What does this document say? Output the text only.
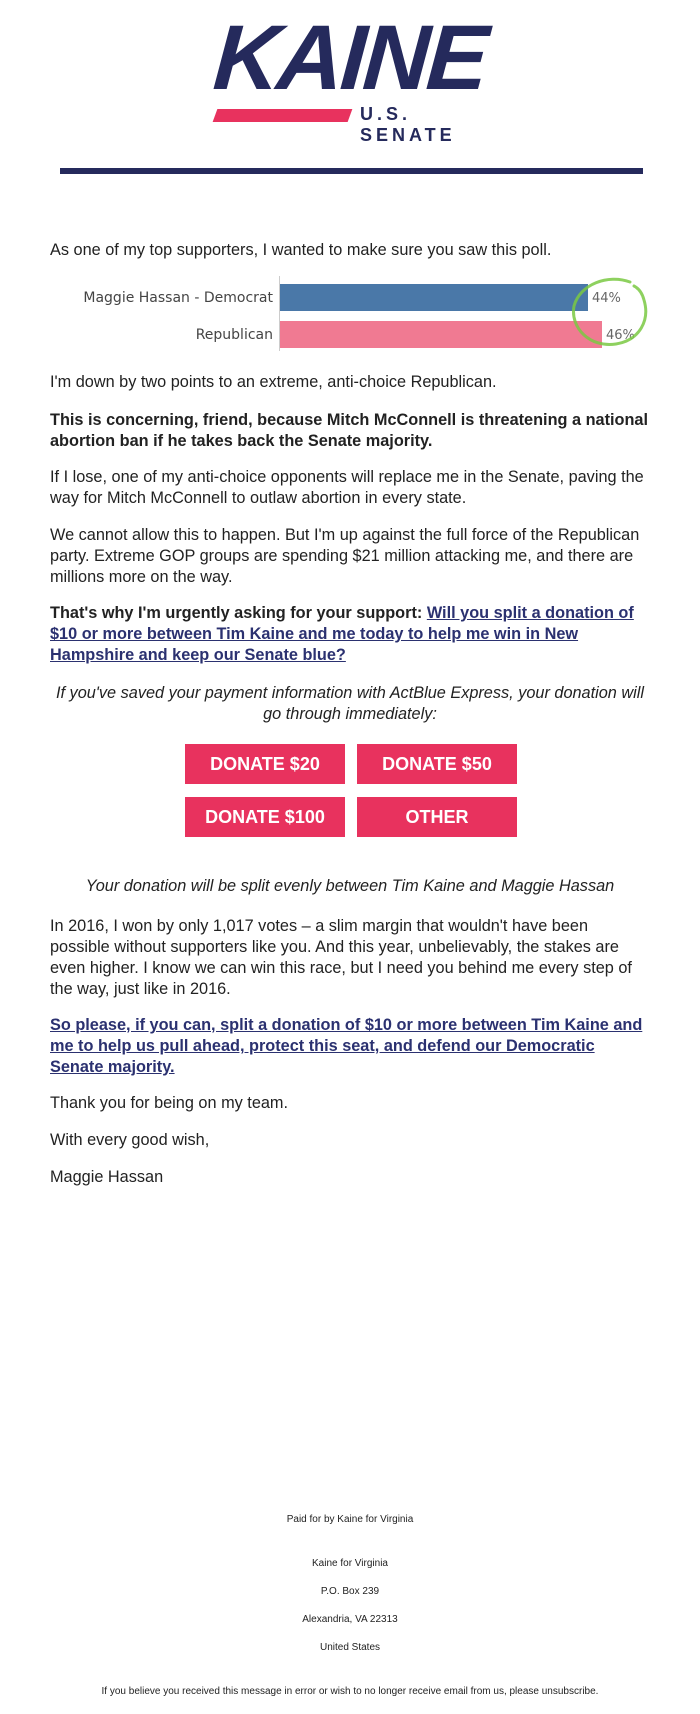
KAINE
U.S. SENATE

As one of my top supporters, I wanted to make sure you saw this poll.

Maggie Hassan - Democrat	44%
Republican	46%

I'm down by two points to an extreme, anti-choice Republican.

This is concerning, friend, because Mitch McConnell is threatening a national abortion ban if he takes back the Senate majority.

If I lose, one of my anti-choice opponents will replace me in the Senate, paving the way for Mitch McConnell to outlaw abortion in every state.

We cannot allow this to happen. But I'm up against the full force of the Republican party. Extreme GOP groups are spending $21 million attacking me, and there are millions more on the way.

That's why I'm urgently asking for your support: Will you split a donation of $10 or more between Tim Kaine and me today to help me win in New Hampshire and keep our Senate blue?

If you've saved your payment information with ActBlue Express, your donation will go through immediately:

DONATE $20	DONATE $50
DONATE $100	OTHER

Your donation will be split evenly between Tim Kaine and Maggie Hassan

In 2016, I won by only 1,017 votes – a slim margin that wouldn't have been possible without supporters like you. And this year, unbelievably, the stakes are even higher. I know we can win this race, but I need you behind me every step of the way, just like in 2016.

So please, if you can, split a donation of $10 or more between Tim Kaine and me to help us pull ahead, protect this seat, and defend our Democratic Senate majority.

Thank you for being on my team.

With every good wish,

Maggie Hassan

Paid for by Kaine for Virginia

Kaine for Virginia

P.O. Box 239

Alexandria, VA 22313

United States

If you believe you received this message in error or wish to no longer receive email from us, please unsubscribe.
